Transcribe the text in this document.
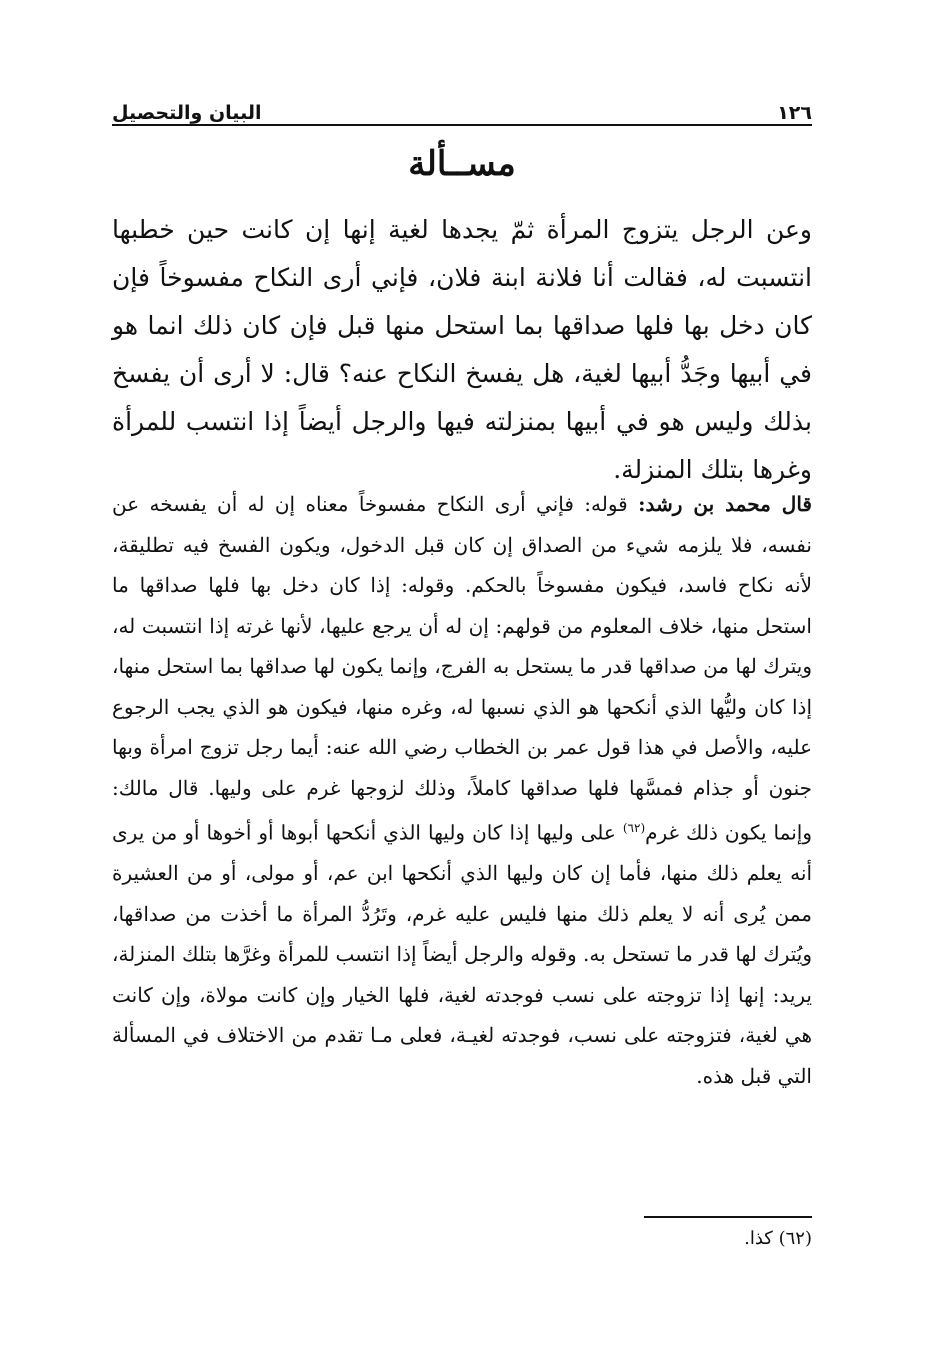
١٢٦
البيان والتحصيل
مســألة

وعن الرجل يتزوج المرأة ثمّ يجدها لغية إنها إن كانت حين خطبها انتسبت له، فقالت أنا فلانة ابنة فلان، فإني أرى النكاح مفسوخاً فإن كان دخل بها فلها صداقها بما استحل منها قبل فإن كان ذلك انما هو في أبيها وجَدُّ أبيها لغية، هل يفسخ النكاح عنه؟ قال: لا أرى أن يفسخ بذلك وليس هو في أبيها بمنزلته فيها والرجل أيضاً إذا انتسب للمرأة وغرها بتلك المنزلة.

قال محمد بن رشد: قوله: فإني أرى النكاح مفسوخاً معناه إن له أن يفسخه عن نفسه، فلا يلزمه شيء من الصداق إن كان قبل الدخول، ويكون الفسخ فيه تطليقة، لأنه نكاح فاسد، فيكون مفسوخاً بالحكم. وقوله: إذا كان دخل بها فلها صداقها ما استحل منها، خلاف المعلوم من قولهم: إن له أن يرجع عليها، لأنها غرته إذا انتسبت له، ويترك لها من صداقها قدر ما يستحل به الفرج، وإنما يكون لها صداقها بما استحل منها، إذا كان وليُّها الذي أنكحها هو الذي نسبها له، وغره منها، فيكون هو الذي يجب الرجوع عليه، والأصل في هذا قول عمر بن الخطاب رضي الله عنه: أيما رجل تزوج امرأة وبها جنون أو جذام فمسَّها فلها صداقها كاملاً، وذلك لزوجها غرم على وليها. قال مالك: وإنما يكون ذلك غرم$^{(٦٢)}$ على وليها إذا كان وليها الذي أنكحها أبوها أو أخوها أو من يرى أنه يعلم ذلك منها، فأما إن كان وليها الذي أنكحها ابن عم، أو مولى، أو من العشيرة ممن يُرى أنه لا يعلم ذلك منها فليس عليه غرم، وتَرُدُّ المرأة ما أخذت من صداقها، ويُترك لها قدر ما تستحل به. وقوله والرجل أيضاً إذا انتسب للمرأة وغرَّها بتلك المنزلة، يريد: إنها إذا تزوجته على نسب فوجدته لغية، فلها الخيار وإن كانت مولاة، وإن كانت هي لغية، فتزوجته على نسب، فوجدته لغيـة، فعلى مـا تقدم من الاختلاف في المسألة التي قبل هذه.

(٦٢) كذا.
